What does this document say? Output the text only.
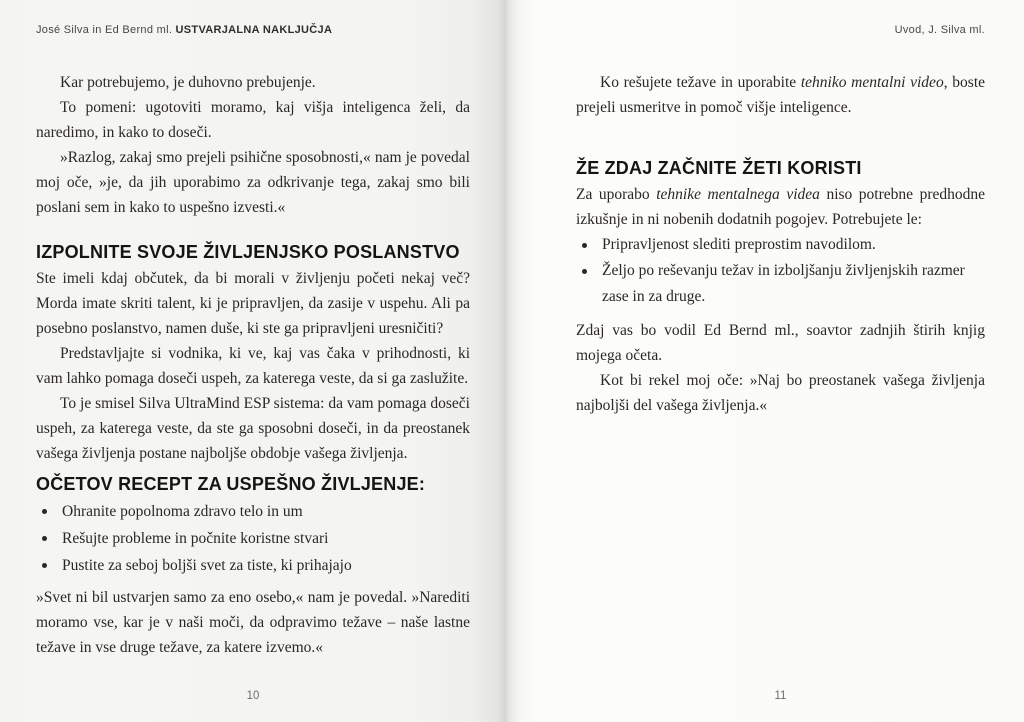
José Silva in Ed Bernd ml. USTVARJALNA NAKLJUČJA

Kar potrebujemo, je duhovno prebujenje.

To pomeni: ugotoviti moramo, kaj višja inteligenca želi, da naredimo, in kako to doseči.

»Razlog, zakaj smo prejeli psihične sposobnosti,« nam je povedal moj oče, »je, da jih uporabimo za odkrivanje tega, zakaj smo bili poslani sem in kako to uspešno izvesti.«

IZPOLNITE SVOJE ŽIVLJENJSKO POSLANSTVO

Ste imeli kdaj občutek, da bi morali v življenju početi nekaj več? Morda imate skriti talent, ki je pripravljen, da zasije v uspehu. Ali pa posebno poslanstvo, namen duše, ki ste ga pripravljeni uresničiti?

Predstavljajte si vodnika, ki ve, kaj vas čaka v prihodnosti, ki vam lahko pomaga doseči uspeh, za katerega veste, da si ga zaslužite.

To je smisel Silva UltraMind ESP sistema: da vam pomaga doseči uspeh, za katerega veste, da ste ga sposobni doseči, in da preostanek vašega življenja postane najboljše obdobje vašega življenja.

OČETOV RECEPT ZA USPEŠNO ŽIVLJENJE:
Ohranite popolnoma zdravo telo in um
Rešujte probleme in počnite koristne stvari
Pustite za seboj boljši svet za tiste, ki prihajajo

»Svet ni bil ustvarjen samo za eno osebo,« nam je povedal. »Narediti moramo vse, kar je v naši moči, da odpravimo težave – naše lastne težave in vse druge težave, za katere izvemo.«

10
Uvod, J. Silva ml.

Ko rešujete težave in uporabite tehniko mentalni video, boste prejeli usmeritve in pomoč višje inteligence.

ŽE ZDAJ ZAČNITE ŽETI KORISTI

Za uporabo tehnike mentalnega videa niso potrebne predhodne izkušnje in ni nobenih dodatnih pogojev. Potrebujete le:

Pripravljenost slediti preprostim navodilom.
Željo po reševanju težav in izboljšanju življenjskih razmer zase in za druge.

Zdaj vas bo vodil Ed Bernd ml., soavtor zadnjih štirih knjig mojega očeta.

Kot bi rekel moj oče: »Naj bo preostanek vašega življenja najboljši del vašega življenja.«

11
